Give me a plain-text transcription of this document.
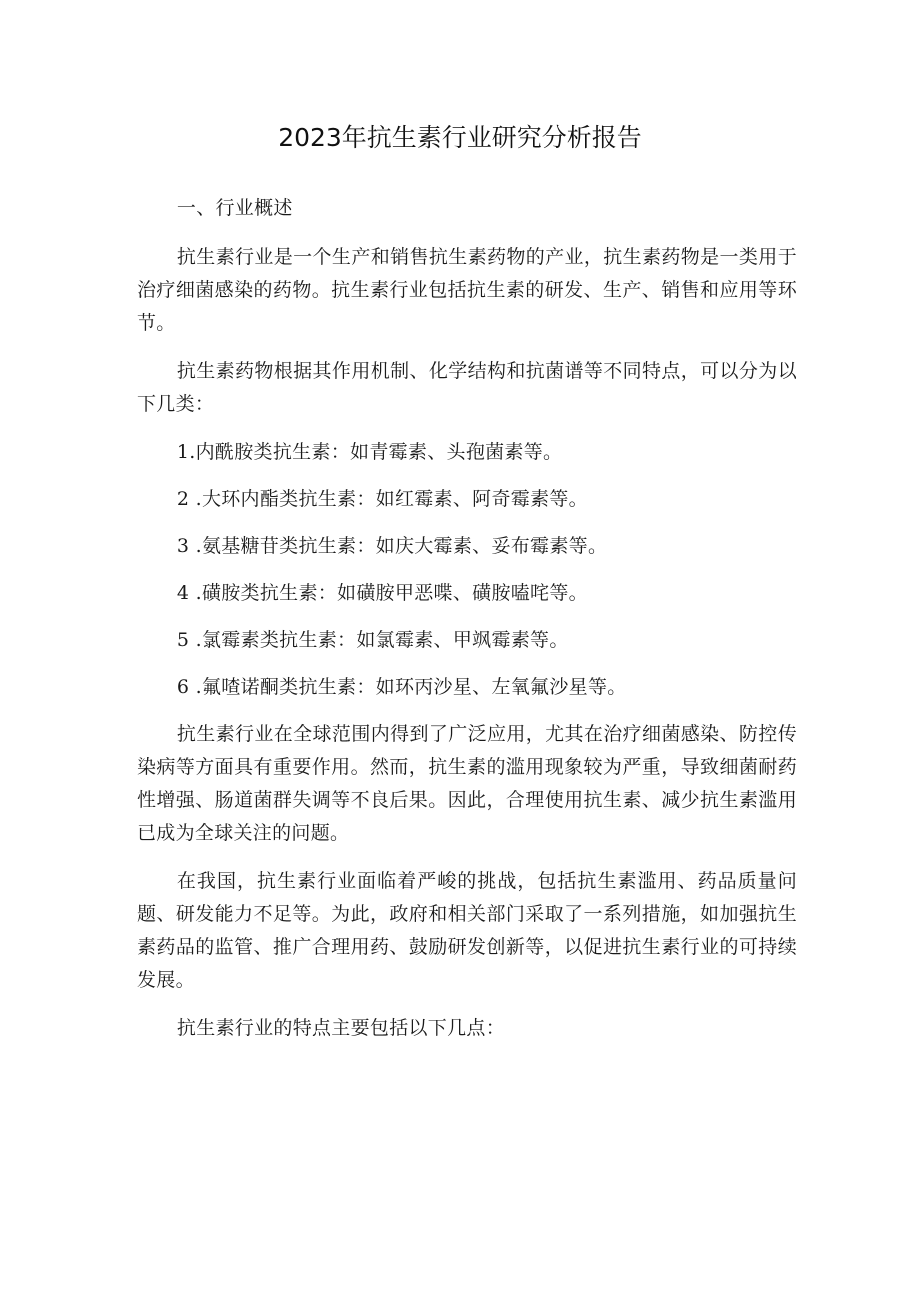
2023年抗生素行业研究分析报告

一、行业概述

抗生素行业是一个生产和销售抗生素药物的产业，抗生素药物是一类用于治疗细菌感染的药物。抗生素行业包括抗生素的研发、生产、销售和应用等环节。

抗生素药物根据其作用机制、化学结构和抗菌谱等不同特点，可以分为以下几类：

1.内酰胺类抗生素：如青霉素、头孢菌素等。

2 .大环内酯类抗生素：如红霉素、阿奇霉素等。

3 .氨基糖苷类抗生素：如庆大霉素、妥布霉素等。

4 .磺胺类抗生素：如磺胺甲恶喋、磺胺嗑咤等。

5 .氯霉素类抗生素：如氯霉素、甲飒霉素等。

6 .氟喳诺酮类抗生素：如环丙沙星、左氧氟沙星等。

抗生素行业在全球范围内得到了广泛应用，尤其在治疗细菌感染、防控传染病等方面具有重要作用。然而，抗生素的滥用现象较为严重，导致细菌耐药性增强、肠道菌群失调等不良后果。因此，合理使用抗生素、减少抗生素滥用已成为全球关注的问题。

在我国，抗生素行业面临着严峻的挑战，包括抗生素滥用、药品质量问题、研发能力不足等。为此，政府和相关部门采取了一系列措施，如加强抗生素药品的监管、推广合理用药、鼓励研发创新等，以促进抗生素行业的可持续发展。

抗生素行业的特点主要包括以下几点：
